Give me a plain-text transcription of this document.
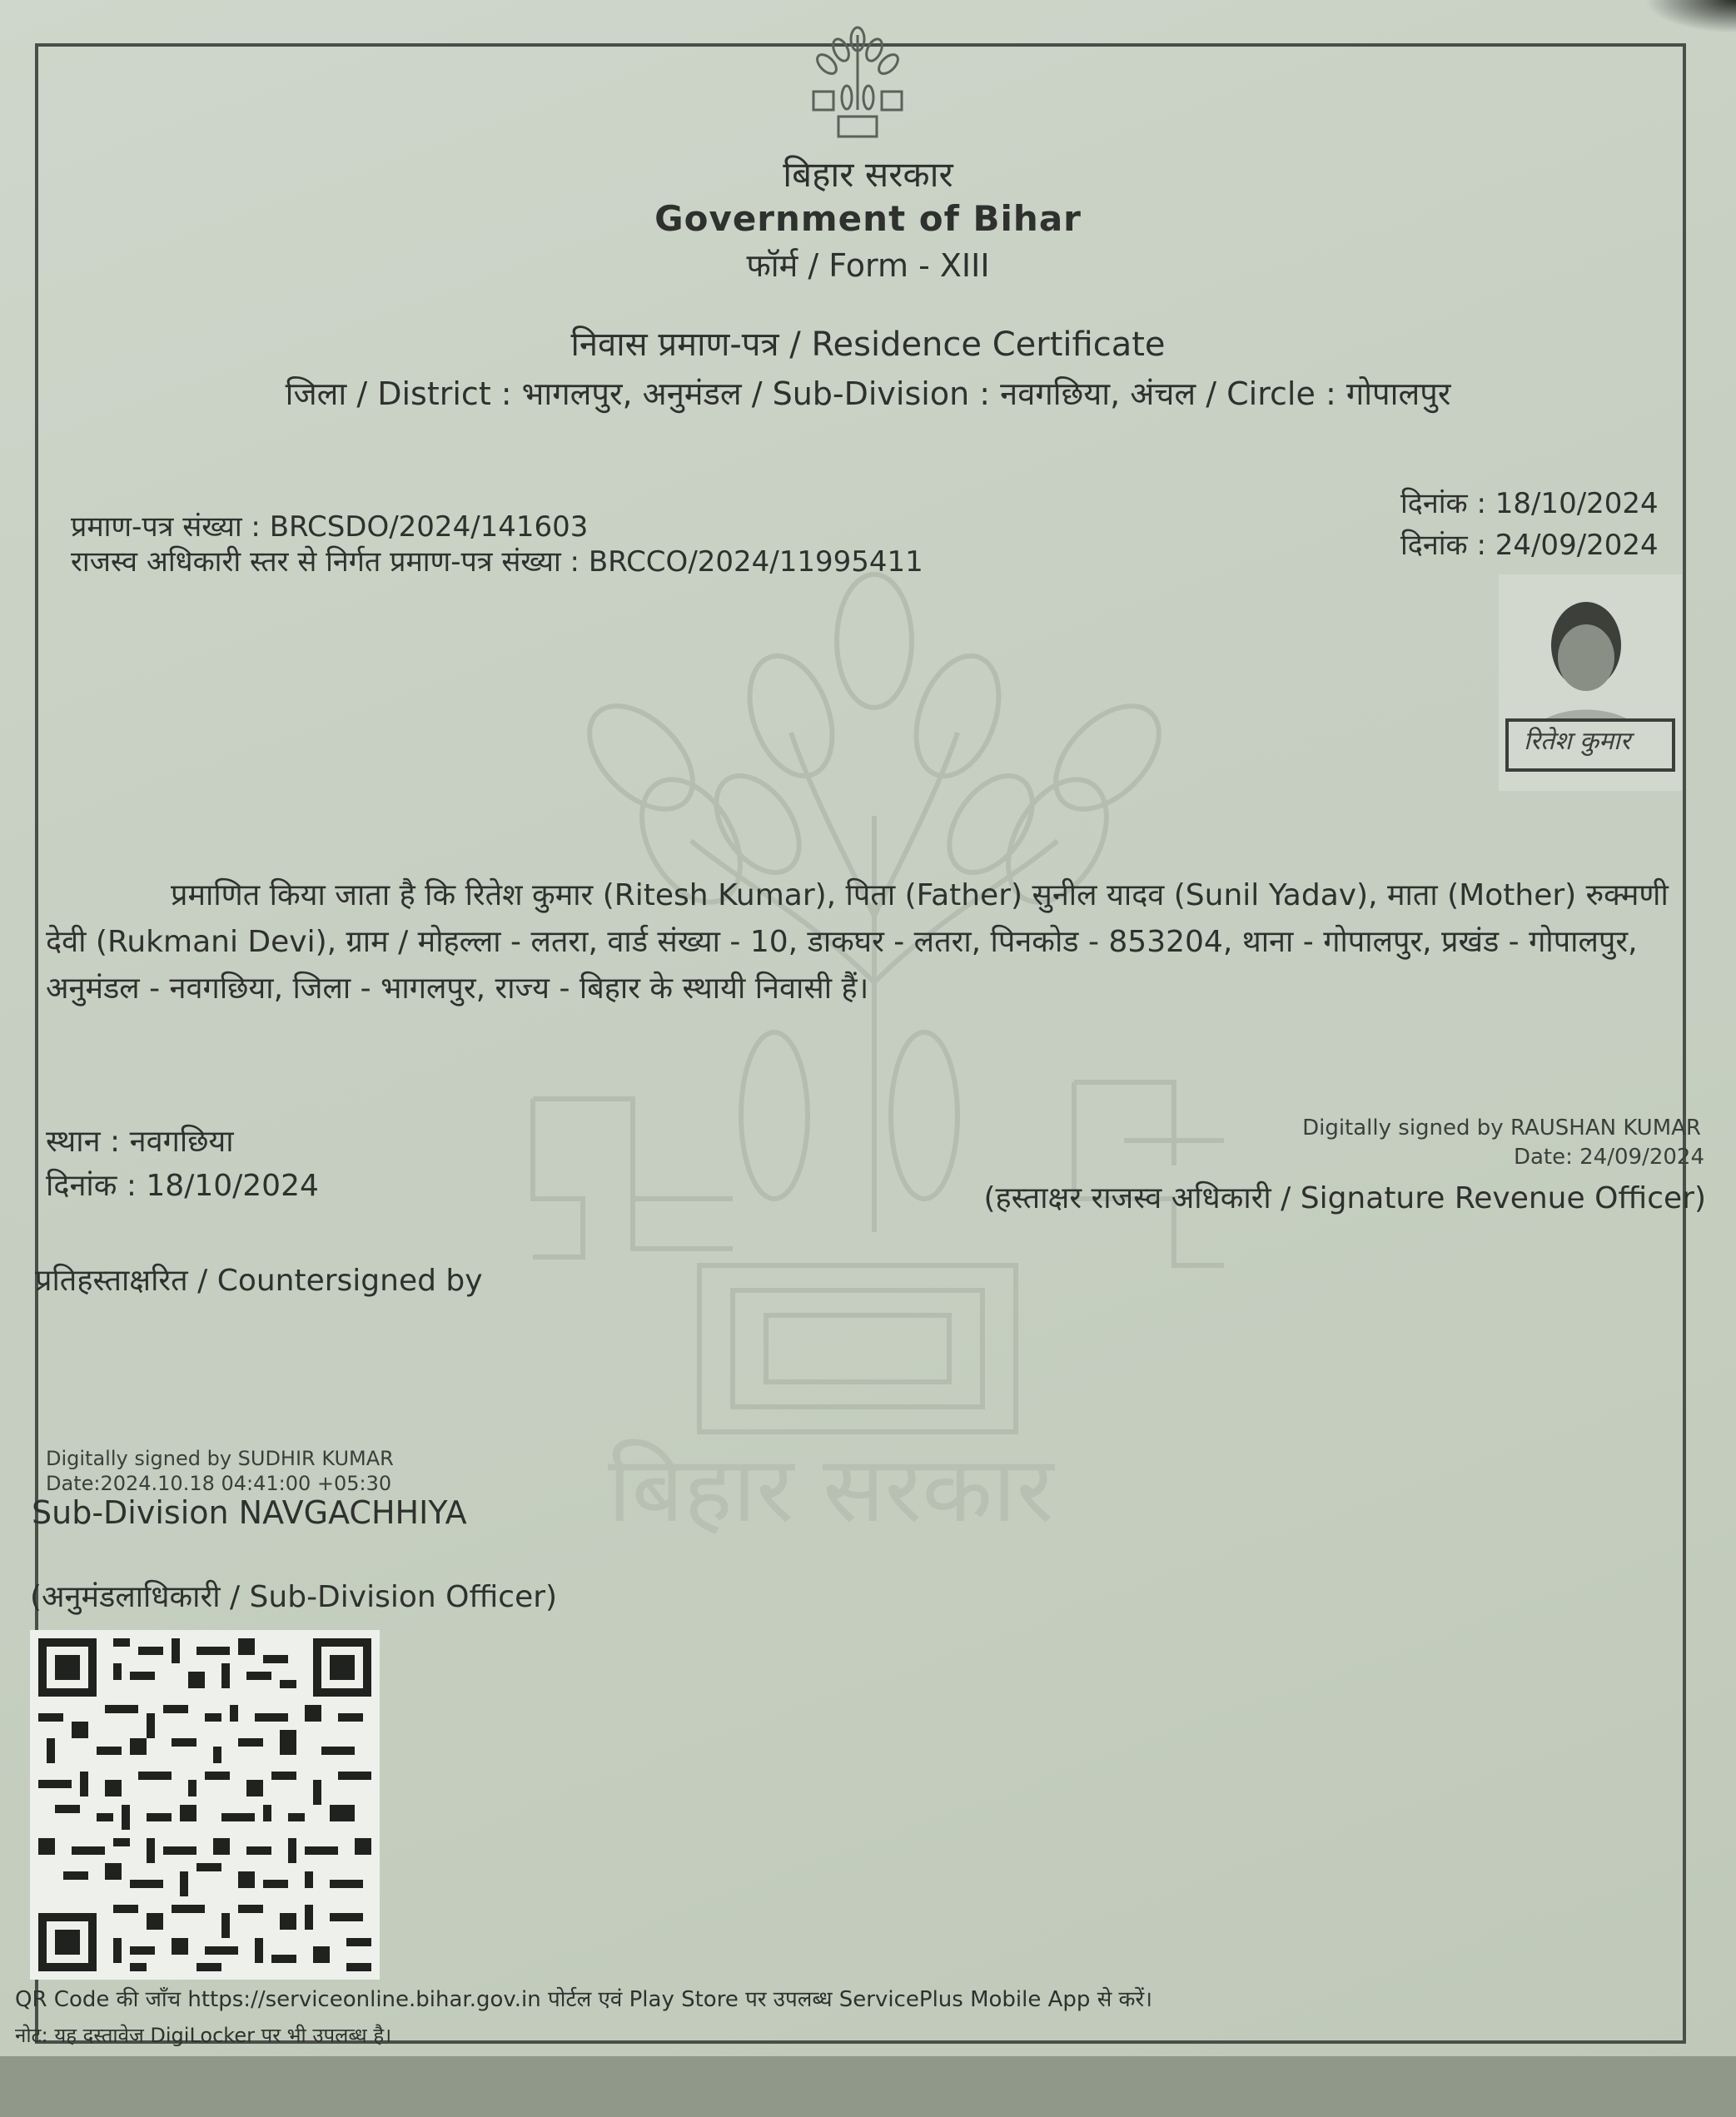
बिहार सरकार
बिहार सरकार
Government of Bihar
फॉर्म / Form - XIII
निवास प्रमाण-पत्र / Residence Certificate
जिला / District : भागलपुर, अनुमंडल / Sub-Division : नवगछिया, अंचल / Circle : गोपालपुर
प्रमाण-पत्र संख्या : BRCSDO/2024/141603
राजस्व अधिकारी स्तर से निर्गत प्रमाण-पत्र संख्या : BRCCO/2024/11995411
दिनांक : 18/10/2024
दिनांक : 24/09/2024
रितेश कुमार
प्रमाणित किया जाता है कि रितेश कुमार (Ritesh Kumar), पिता (Father) सुनील यादव (Sunil Yadav), माता (Mother) रुक्मणी देवी (Rukmani Devi), ग्राम / मोहल्ला - लतरा, वार्ड संख्या - 10, डाकघर - लतरा, पिनकोड - 853204, थाना - गोपालपुर, प्रखंड - गोपालपुर, अनुमंडल - नवगछिया, जिला - भागलपुर, राज्य - बिहार के स्थायी निवासी हैं।
स्थान : नवगछिया
दिनांक : 18/10/2024
Digitally signed by RAUSHAN KUMAR
Date: 24/09/2024
(हस्ताक्षर राजस्व अधिकारी / Signature Revenue Officer)
प्रतिहस्ताक्षरित / Countersigned by
Digitally signed by SUDHIR KUMAR
Date:2024.10.18 04:41:00 +05:30
Sub-Division NAVGACHHIYA
(अनुमंडलाधिकारी / Sub-Division Officer)
QR Code की जाँच https://serviceonline.bihar.gov.in पोर्टल एवं Play Store पर उपलब्ध ServicePlus Mobile App से करें।
नोट: यह दस्तावेज DigiLocker पर भी उपलब्ध है।
